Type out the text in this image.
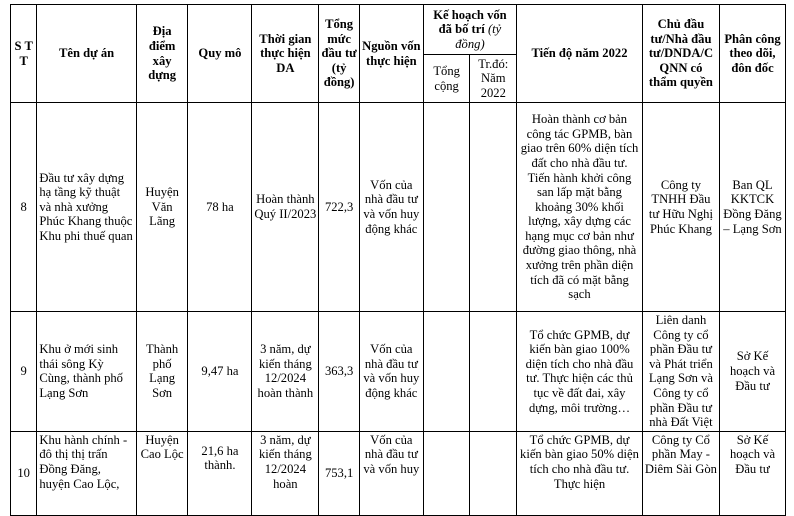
S T T	Tên dự án	Địa điểm xây dựng	Quy mô	Thời gian thực hiện DA	Tổng mức đầu tư (tỷ đồng)	Nguồn vốn thực hiện	Kế hoạch vốn đã bố trí (tỷ đồng)		Tiến độ năm 2022	Chủ đầu tư/Nhà đầu tư/DNDA/C QNN có thẩm quyền	Phân công theo dõi, đôn đốc
							Tổng cộng	Tr.đó: Năm 2022			
8	Đầu tư xây dựng hạ tầng kỹ thuật và nhà xưởng Phúc Khang thuộc Khu phi thuế quan	Huyện Văn Lãng	78 ha	Hoàn thành Quý II/2023	722,3	Vốn của nhà đầu tư và vốn huy động khác			Hoàn thành cơ bản công tác GPMB, bàn giao trên 60% diện tích đất cho nhà đầu tư. Tiến hành khởi công san lấp mặt bằng khoảng 30% khối lượng, xây dựng các hạng mục cơ bản như đường giao thông, nhà xưởng trên phần diện tích đã có mặt bằng sạch	Công ty TNHH Đầu tư Hữu Nghị Phúc Khang	Ban QL KKTCK Đồng Đăng – Lạng Sơn
9	Khu ở mới sinh thái sông Kỳ Cùng, thành phố Lạng Sơn	Thành phố Lạng Sơn	9,47 ha	3 năm, dự kiến tháng 12/2024 hoàn thành	363,3	Vốn của nhà đầu tư và vốn huy động khác			Tổ chức GPMB, dự kiến bàn giao 100% diện tích cho nhà đầu tư. Thực hiện các thủ tục về đất đai, xây dựng, môi trường…	Liên danh Công ty cổ phần Đầu tư và Phát triển Lạng Sơn và Công ty cổ phần Đầu tư nhà Đất Việt	Sở Kế hoạch và Đầu tư
10	Khu hành chính - đô thị thị trấn Đồng Đăng, huyện Cao Lộc,	Huyện Cao Lộc	21,6 ha thành.	3 năm, dự kiến tháng 12/2024 hoàn	753,1	Vốn của nhà đầu tư và vốn huy			Tổ chức GPMB, dự kiến bàn giao 50% diện tích cho nhà đầu tư. Thực hiện	Công ty Cổ phần May - Diêm Sài Gòn	Sở Kế hoạch và Đầu tư
